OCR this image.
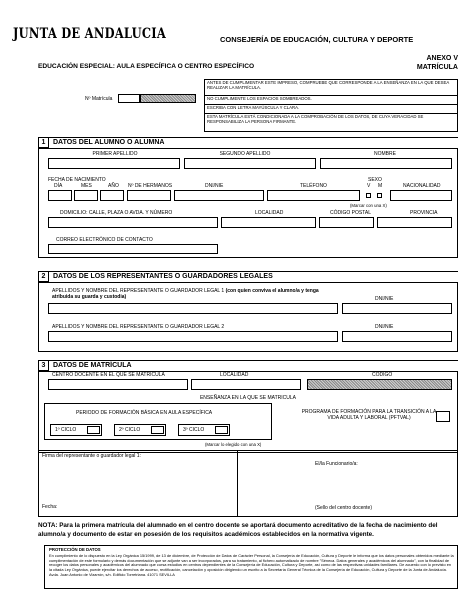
JUNTA DE ANDALUCIA	CONSEJERÍA DE EDUCACIÓN, CULTURA Y DEPORTE
ANEXO V
MATRÍCULA
EDUCACIÓN ESPECIAL: AULA ESPECÍFICA O CENTRO ESPECÍFICO
Nº Matrícula
ANTES DE CUMPLIMENTAR ESTE IMPRESO, COMPRUEBE QUE CORRESPONDE A LA ENSEÑANZA EN LA QUE DESEA REALIZAR LA MATRÍCULA.
NO CUMPLIMENTE LOS ESPACIOS SOMBREADOS.
ESCRIBA CON LETRA MAYÚSCULA Y CLARA.
ESTA MATRÍCULA ESTÁ CONDICIONADA A LA COMPROBACIÓN DE LOS DATOS, DE CUYA VERACIDAD SE RESPONSABILIZA LA PERSONA FIRMANTE.
1	DATOS DEL ALUMNO O ALUMNA
PRIMER APELLIDO	SEGUNDO APELLIDO	NOMBRE
FECHA DE NACIMIENTO
DÍA	MES	AÑO Nº DE HERMANOS	DNI/NIE	TELÉFONO
SEXO
V M	NACIONALIDAD
(Marcar con una X)
DOMICILIO: CALLE, PLAZA O AVDA. Y NÚMERO	LOCALIDAD	CÓDIGO POSTAL	PROVINCIA
CORREO ELECTRÓNICO DE CONTACTO
2	DATOS DE LOS REPRESENTANTES O GUARDADORES LEGALES
APELLIDOS Y NOMBRE DEL REPRESENTANTE O GUARDADOR LEGAL 1 (con quien conviva el alumno/a y tenga atribuida su guarda y custodia)	DNI/NIE
APELLIDOS Y NOMBRE DEL REPRESENTANTE O GUARDADOR LEGAL 2	DNI/NIE
3	DATOS DE MATRÍCULA
CENTRO DOCENTE EN EL QUE SE MATRICULA	LOCALIDAD	CÓDIGO
ENSEÑANZA EN LA QUE SE MATRICULA
PERIODO DE FORMACIÓN BÁSICA EN AULA ESPECÍFICA
1º CICLO	2º CICLO	3º CICLO
PROGRAMA DE FORMACIÓN PARA LA TRANSICIÓN A LA VIDA ADULTA Y LABORAL (PFTVAL)
(Marcar lo elegido con una X)
Firma del representante o guardador legal 1:
El/la Funcionario/a:
Fecha:	(Sello del centro docente)
NOTA: Para la primera matrícula del alumnado en el centro docente se aportará documento acreditativo de la fecha de nacimiento del alumno/a y documento de estar en posesión de los requisitos académicos establecidos en la normativa vigente.
PROTECCIÓN DE DATOS
En cumplimiento de lo dispuesto en la Ley Orgánica 15/1999, de 13 de diciembre, de Protección de Datos de Carácter Personal, la Consejería de Educación, Cultura y Deporte le informa que los datos personales obtenidos mediante la cumplimentación de este formulario y demás documentación que se adjunte van a ser incorporados, para su tratamiento, al fichero automatizado de nombre "Séneca. Datos generales y académicos del alumnado", con la finalidad de recoger los datos personales y académicos del alumnado que cursa estudios en centros dependientes de la Consejería de Educación, Cultura y Deporte, así como de las respectivas unidades familiares. De acuerdo con lo previsto en la citada Ley Orgánica, puede ejercitar los derechos de acceso, rectificación, cancelación y oposición dirigiendo un escrito a la Secretaría General Técnica de la Consejería de Educación, Cultura y Deporte de la Junta de Andalucía. Avda. Juan Antonio de Vizarrón, s/n. Edificio Torretriana. 41071 SEVILLA
